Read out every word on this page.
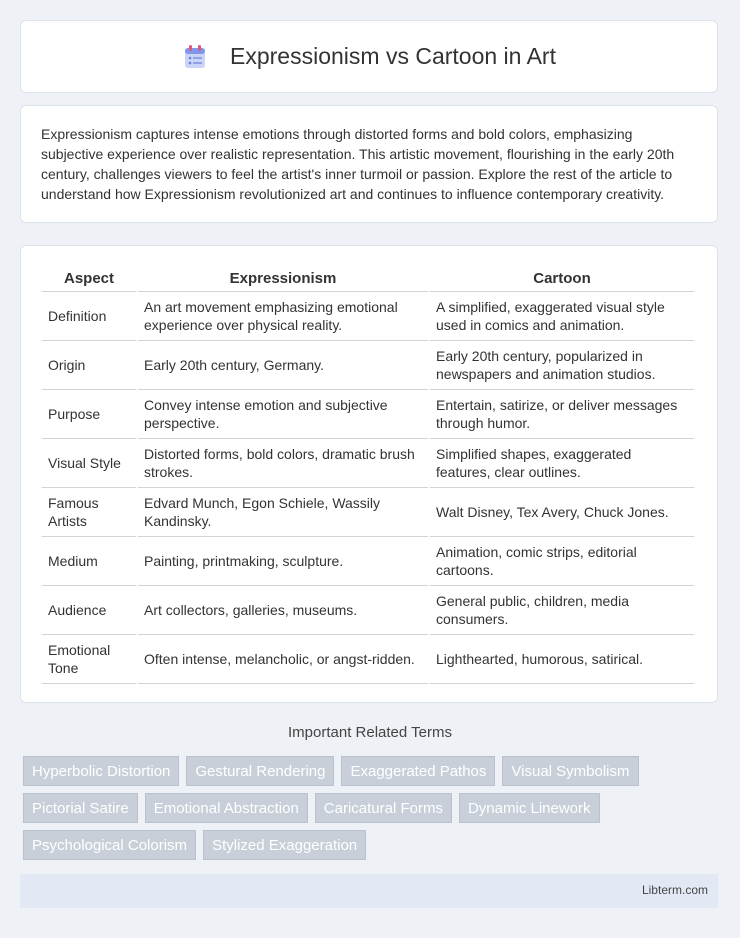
Expressionism vs Cartoon in Art

Expressionism captures intense emotions through distorted forms and bold colors, emphasizing subjective experience over realistic representation. This artistic movement, flourishing in the early 20th century, challenges viewers to feel the artist's inner turmoil or passion. Explore the rest of the article to understand how Expressionism revolutionized art and continues to influence contemporary creativity.

Aspect	Expressionism	Cartoon
Definition	An art movement emphasizing emotional experience over physical reality.	A simplified, exaggerated visual style used in comics and animation.
Origin	Early 20th century, Germany.	Early 20th century, popularized in newspapers and animation studios.
Purpose	Convey intense emotion and subjective perspective.	Entertain, satirize, or deliver messages through humor.
Visual Style	Distorted forms, bold colors, dramatic brush strokes.	Simplified shapes, exaggerated features, clear outlines.
Famous Artists	Edvard Munch, Egon Schiele, Wassily Kandinsky.	Walt Disney, Tex Avery, Chuck Jones.
Medium	Painting, printmaking, sculpture.	Animation, comic strips, editorial cartoons.
Audience	Art collectors, galleries, museums.	General public, children, media consumers.
Emotional Tone	Often intense, melancholic, or angst-ridden.	Lighthearted, humorous, satirical.
Important Related Terms
Hyperbolic Distortion	Gestural Rendering	Exaggerated Pathos	Visual Symbolism
Pictorial Satire	Emotional Abstraction	Caricatural Forms	Dynamic Linework
Psychological Colorism	Stylized Exaggeration
Libterm.com
